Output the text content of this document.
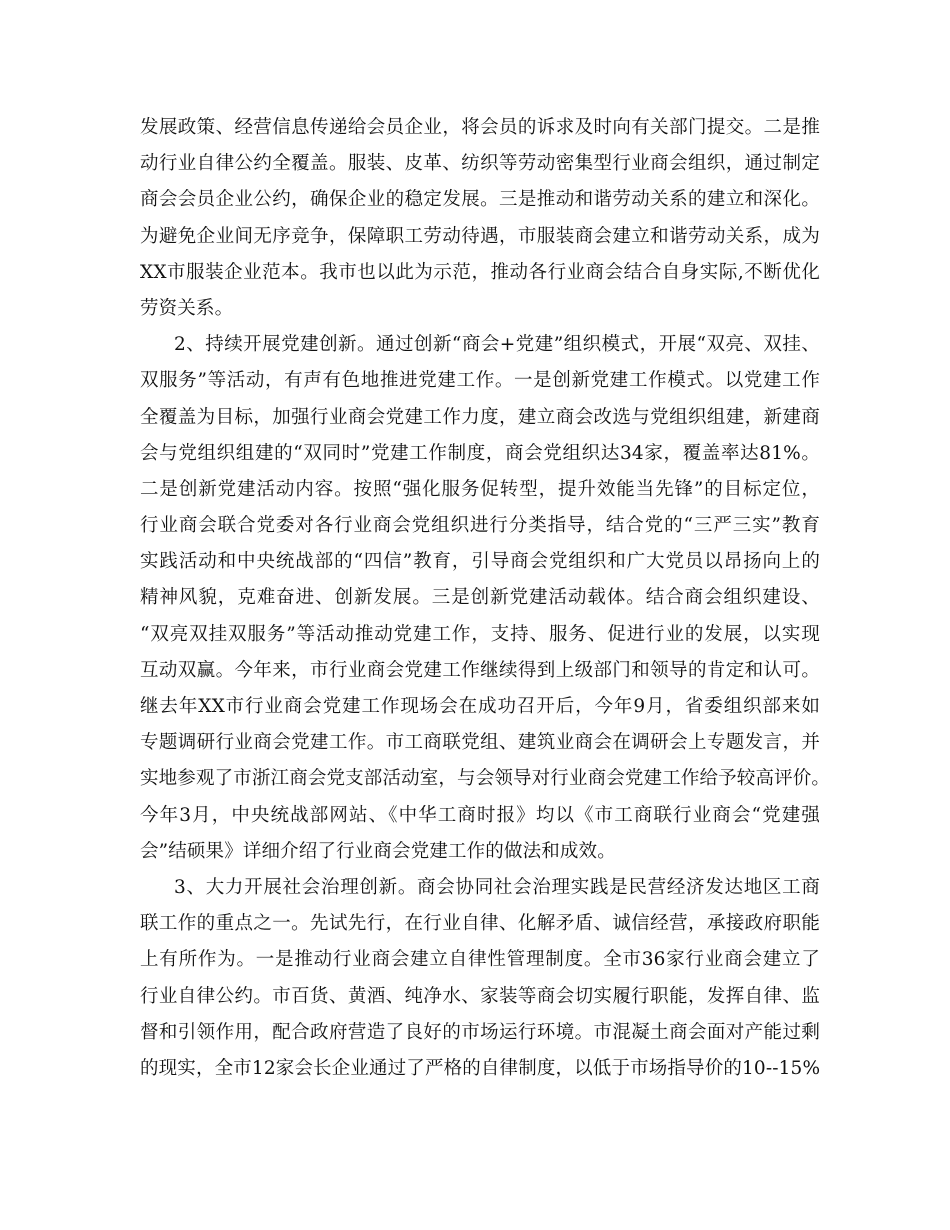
发展政策、经营信息传递给会员企业，将会员的诉求及时向有关部门提交。二是推
动行业自律公约全覆盖。服装、皮革、纺织等劳动密集型行业商会组织，通过制定
商会会员企业公约，确保企业的稳定发展。三是推动和谐劳动关系的建立和深化。
为避免企业间无序竞争，保障职工劳动待遇，市服装商会建立和谐劳动关系，成为
XX市服装企业范本。我市也以此为示范，推动各行业商会结合自身实际,不断优化
劳资关系。
2、持续开展党建创新。通过创新“商会+党建”组织模式，开展“双亮、双挂、
双服务”等活动，有声有色地推进党建工作。一是创新党建工作模式。以党建工作
全覆盖为目标，加强行业商会党建工作力度，建立商会改选与党组织组建，新建商
会与党组织组建的“双同时”党建工作制度，商会党组织达34家，覆盖率达81%。
二是创新党建活动内容。按照“强化服务促转型，提升效能当先锋”的目标定位，
行业商会联合党委对各行业商会党组织进行分类指导，结合党的“三严三实”教育
实践活动和中央统战部的“四信”教育，引导商会党组织和广大党员以昂扬向上的
精神风貌，克难奋进、创新发展。三是创新党建活动载体。结合商会组织建设、
“双亮双挂双服务”等活动推动党建工作，支持、服务、促进行业的发展，以实现
互动双赢。今年来，市行业商会党建工作继续得到上级部门和领导的肯定和认可。
继去年XX市行业商会党建工作现场会在成功召开后，今年9月，省委组织部来如
专题调研行业商会党建工作。市工商联党组、建筑业商会在调研会上专题发言，并
实地参观了市浙江商会党支部活动室，与会领导对行业商会党建工作给予较高评价。
今年3月，中央统战部网站、《中华工商时报》均以《市工商联行业商会“党建强
会”结硕果》详细介绍了行业商会党建工作的做法和成效。
3、大力开展社会治理创新。商会协同社会治理实践是民营经济发达地区工商
联工作的重点之一。先试先行，在行业自律、化解矛盾、诚信经营，承接政府职能
上有所作为。一是推动行业商会建立自律性管理制度。全市36家行业商会建立了
行业自律公约。市百货、黄酒、纯净水、家装等商会切实履行职能，发挥自律、监
督和引领作用，配合政府营造了良好的市场运行环境。市混凝土商会面对产能过剩
的现实，全市12家会长企业通过了严格的自律制度，以低于市场指导价的10--15%
